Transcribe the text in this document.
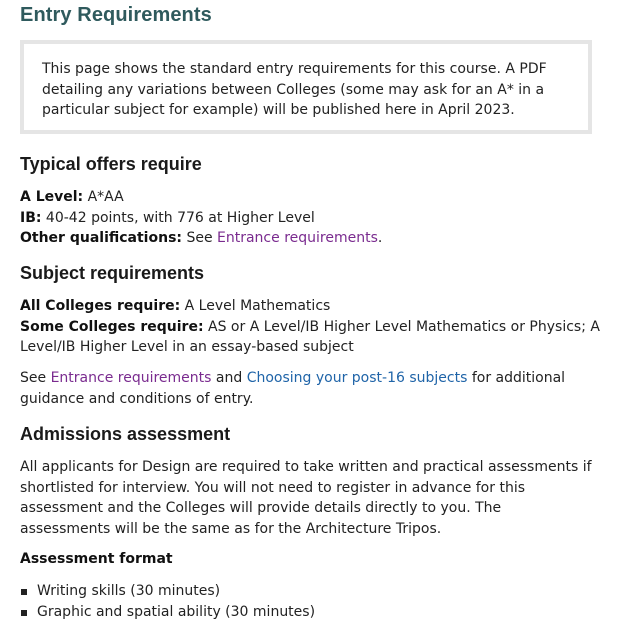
Entry Requirements

This page shows the standard entry requirements for this course. A PDF detailing any variations between Colleges (some may ask for an A* in a particular subject for example) will be published here in April 2023.

Typical offers require

A Level: A*AA

IB: 40-42 points, with 776 at Higher Level

Other qualifications: See Entrance requirements.

Subject requirements

All Colleges require: A Level Mathematics

Some Colleges require: AS or A Level/IB Higher Level Mathematics or Physics; A Level/IB Higher Level in an essay-based subject

See Entrance requirements and Choosing your post-16 subjects for additional guidance and conditions of entry.

Admissions assessment

All applicants for Design are required to take written and practical assessments if shortlisted for interview. You will not need to register in advance for this assessment and the Colleges will provide details directly to you. The assessments will be the same as for the Architecture Tripos.

Assessment format
Writing skills (30 minutes)
Graphic and spatial ability (30 minutes)
